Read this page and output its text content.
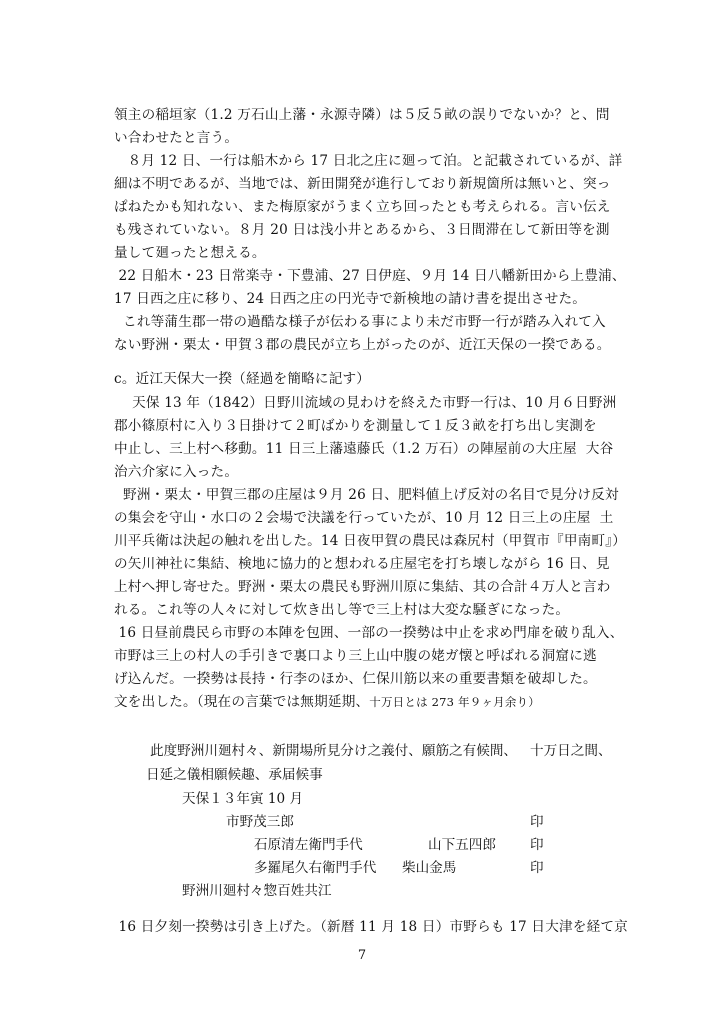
領主の稲垣家（1.2 万石山上藩・永源寺隣）は５反５畝の誤りでないか？と、問
い合わせたと言う。
８月 12 日、一行は船木から 17 日北之庄に廻って泊。と記載されているが、詳
細は不明であるが、当地では、新田開発が進行しており新規箇所は無いと、突っ
ぱねたかも知れない、また梅原家がうまく立ち回ったとも考えられる。言い伝え
も残されていない。８月 20 日は浅小井とあるから、３日間滞在して新田等を測
量して廻ったと想える。
22 日船木・23 日常楽寺・下豊浦、27 日伊庭、９月 14 日八幡新田から上豊浦、
17 日西之庄に移り、24 日西之庄の円光寺で新検地の請け書を提出させた。
これ等蒲生郡一帯の過酷な様子が伝わる事により未だ市野一行が踏み入れて入
ない野洲・栗太・甲賀３郡の農民が立ち上がったのが、近江天保の一揆である。
c。近江天保大一揆（経過を簡略に記す）
天保 13 年（1842）日野川流域の見わけを終えた市野一行は、10 月６日野洲
郡小篠原村に入り３日掛けて２町ばかりを測量して１反３畝を打ち出し実測を
中止し、三上村へ移動。11 日三上藩遠藤氏（1.2 万石）の陣屋前の大庄屋  大谷
治六介家に入った。
野洲・栗太・甲賀三郡の庄屋は９月 26 日、肥料値上げ反対の名目で見分け反対
の集会を守山・水口の２会場で決議を行っていたが、10 月 12 日三上の庄屋  土
川平兵衛は決起の触れを出した。14 日夜甲賀の農民は森尻村（甲賀市『甲南町』）
の矢川神社に集結、検地に協力的と想われる庄屋宅を打ち壊しながら 16 日、見
上村へ押し寄せた。野洲・栗太の農民も野洲川原に集結、其の合計４万人と言わ
れる。これ等の人々に対して炊き出し等で三上村は大変な騒ぎになった。
16 日昼前農民ら市野の本陣を包囲、一部の一揆勢は中止を求め門扉を破り乱入、
市野は三上の村人の手引きで裏口より三上山中腹の姥ガ懐と呼ばれる洞窟に逃
げ込んだ。一揆勢は長持・行李のほか、仁保川筋以来の重要書類を破却した。
文を出した。（現在の言葉では無期延期、十万日とは 273 年９ヶ月余り）
此度野洲川廻村々、新開場所見分け之義付、願筋之有候間、   十万日之間、
日延之儀相願候趣、承届候事
天保１３年寅 10 月
市野茂三郎	印
石原清左衛門手代	山下五四郎	印
多羅尾久右衛門手代 柴山金馬	印
野洲川廻村々惣百姓共江
16 日夕刻一揆勢は引き上げた。（新暦 11 月 18 日）市野らも 17 日大津を経て京
7
